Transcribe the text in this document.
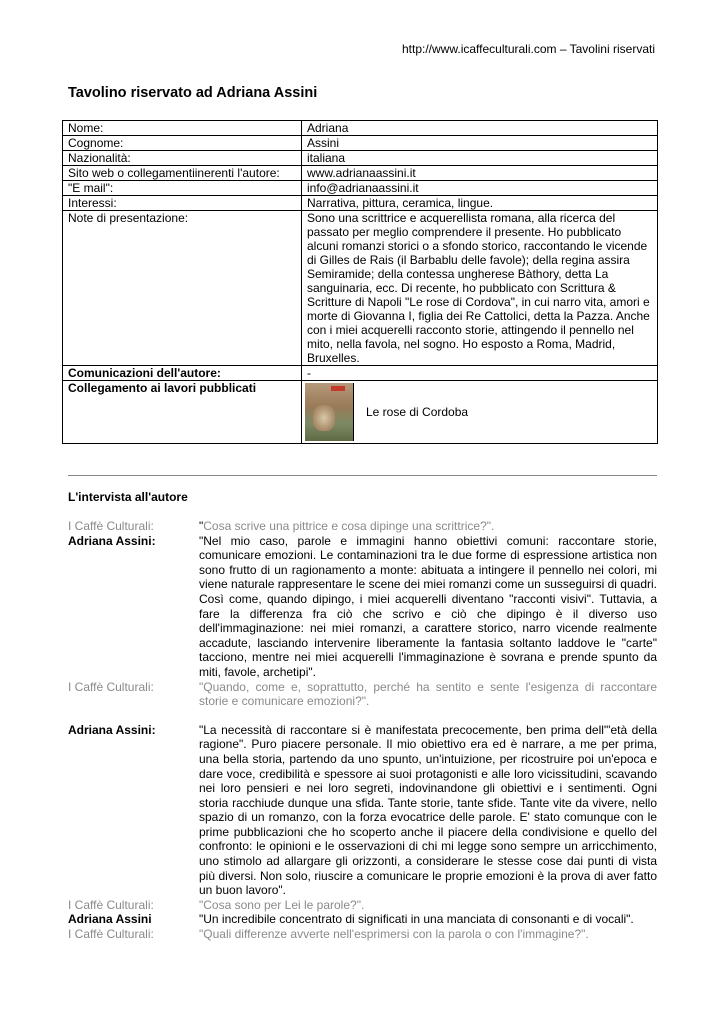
http://www.icaffeculturali.com – Tavolini riservati
Tavolino riservato ad Adriana Assini
Nome:	Adriana
Cognome:	Assini
Nazionalità:	italiana
Sito web o collegamentiinerenti l'autore:	www.adrianaassini.it
"E mail":	info@adrianaassini.it
Interessi:	Narrativa, pittura, ceramica, lingue.
Note di presentazione:	Sono una scrittrice e acquerellista romana, alla ricerca del passato per meglio comprendere il presente. Ho pubblicato alcuni romanzi storici o a sfondo storico, raccontando le vicende di Gilles de Rais (il Barbablu delle favole); della regina assira Semiramide; della contessa ungherese Bàthory, detta La sanguinaria, ecc. Di recente, ho pubblicato con Scrittura & Scritture di Napoli "Le rose di Cordova", in cui narro vita, amori e morte di Giovanna I, figlia dei Re Cattolici, detta la Pazza. Anche con i miei acquerelli racconto storie, attingendo il pennello nel mito, nella favola, nel sogno. Ho esposto a Roma, Madrid, Bruxelles.
Comunicazioni dell'autore:	-
Collegamento ai lavori pubblicati	Le rose di Cordoba
L'intervista all'autore
I Caffè Culturali:	"Cosa scrive una pittrice e cosa dipinge una scrittrice?".
Adriana Assini:	"Nel mio caso, parole e immagini hanno obiettivi comuni: raccontare storie, comunicare emozioni. Le contaminazioni tra le due forme di espressione artistica non sono frutto di un ragionamento a monte: abituata a intingere il pennello nei colori, mi viene naturale rappresentare le scene dei miei romanzi come un susseguirsi di quadri. Così come, quando dipingo, i miei acquerelli diventano "racconti visivi". Tuttavia, a fare la differenza fra ciò che scrivo e ciò che dipingo è il diverso uso dell'immaginazione: nei miei romanzi, a carattere storico, narro vicende realmente accadute, lasciando intervenire liberamente la fantasia soltanto laddove le "carte" tacciono, mentre nei miei acquerelli l'immaginazione è sovrana e prende spunto da miti, favole, archetipi".
I Caffè Culturali:	"Quando, come e, soprattutto, perché ha sentito e sente l'esigenza di raccontare storie e comunicare emozioni?".
Adriana Assini:	"La necessità di raccontare si è manifestata precocemente, ben prima dell'"età della ragione". Puro piacere personale. Il mio obiettivo era ed è narrare, a me per prima, una bella storia, partendo da uno spunto, un'intuizione, per ricostruire poi un'epoca e dare voce, credibilità e spessore ai suoi protagonisti e alle loro vicissitudini, scavando nei loro pensieri e nei loro segreti, indovinandone gli obiettivi e i sentimenti. Ogni storia racchiude dunque una sfida. Tante storie, tante sfide. Tante vite da vivere, nello spazio di un romanzo, con la forza evocatrice delle parole. E' stato comunque con le prime pubblicazioni che ho scoperto anche il piacere della condivisione e quello del confronto: le opinioni e le osservazioni di chi mi legge sono sempre un arricchimento, uno stimolo ad allargare gli orizzonti, a considerare le stesse cose dai punti di vista più diversi. Non solo, riuscire a comunicare le proprie emozioni è la prova di aver fatto un buon lavoro".
I Caffè Culturali:	"Cosa sono per Lei le parole?".
Adriana Assini	"Un incredibile concentrato di significati in una manciata di consonanti e di vocali".
I Caffè Culturali:	"Quali differenze avverte nell'esprimersi con la parola o con l'immagine?".
